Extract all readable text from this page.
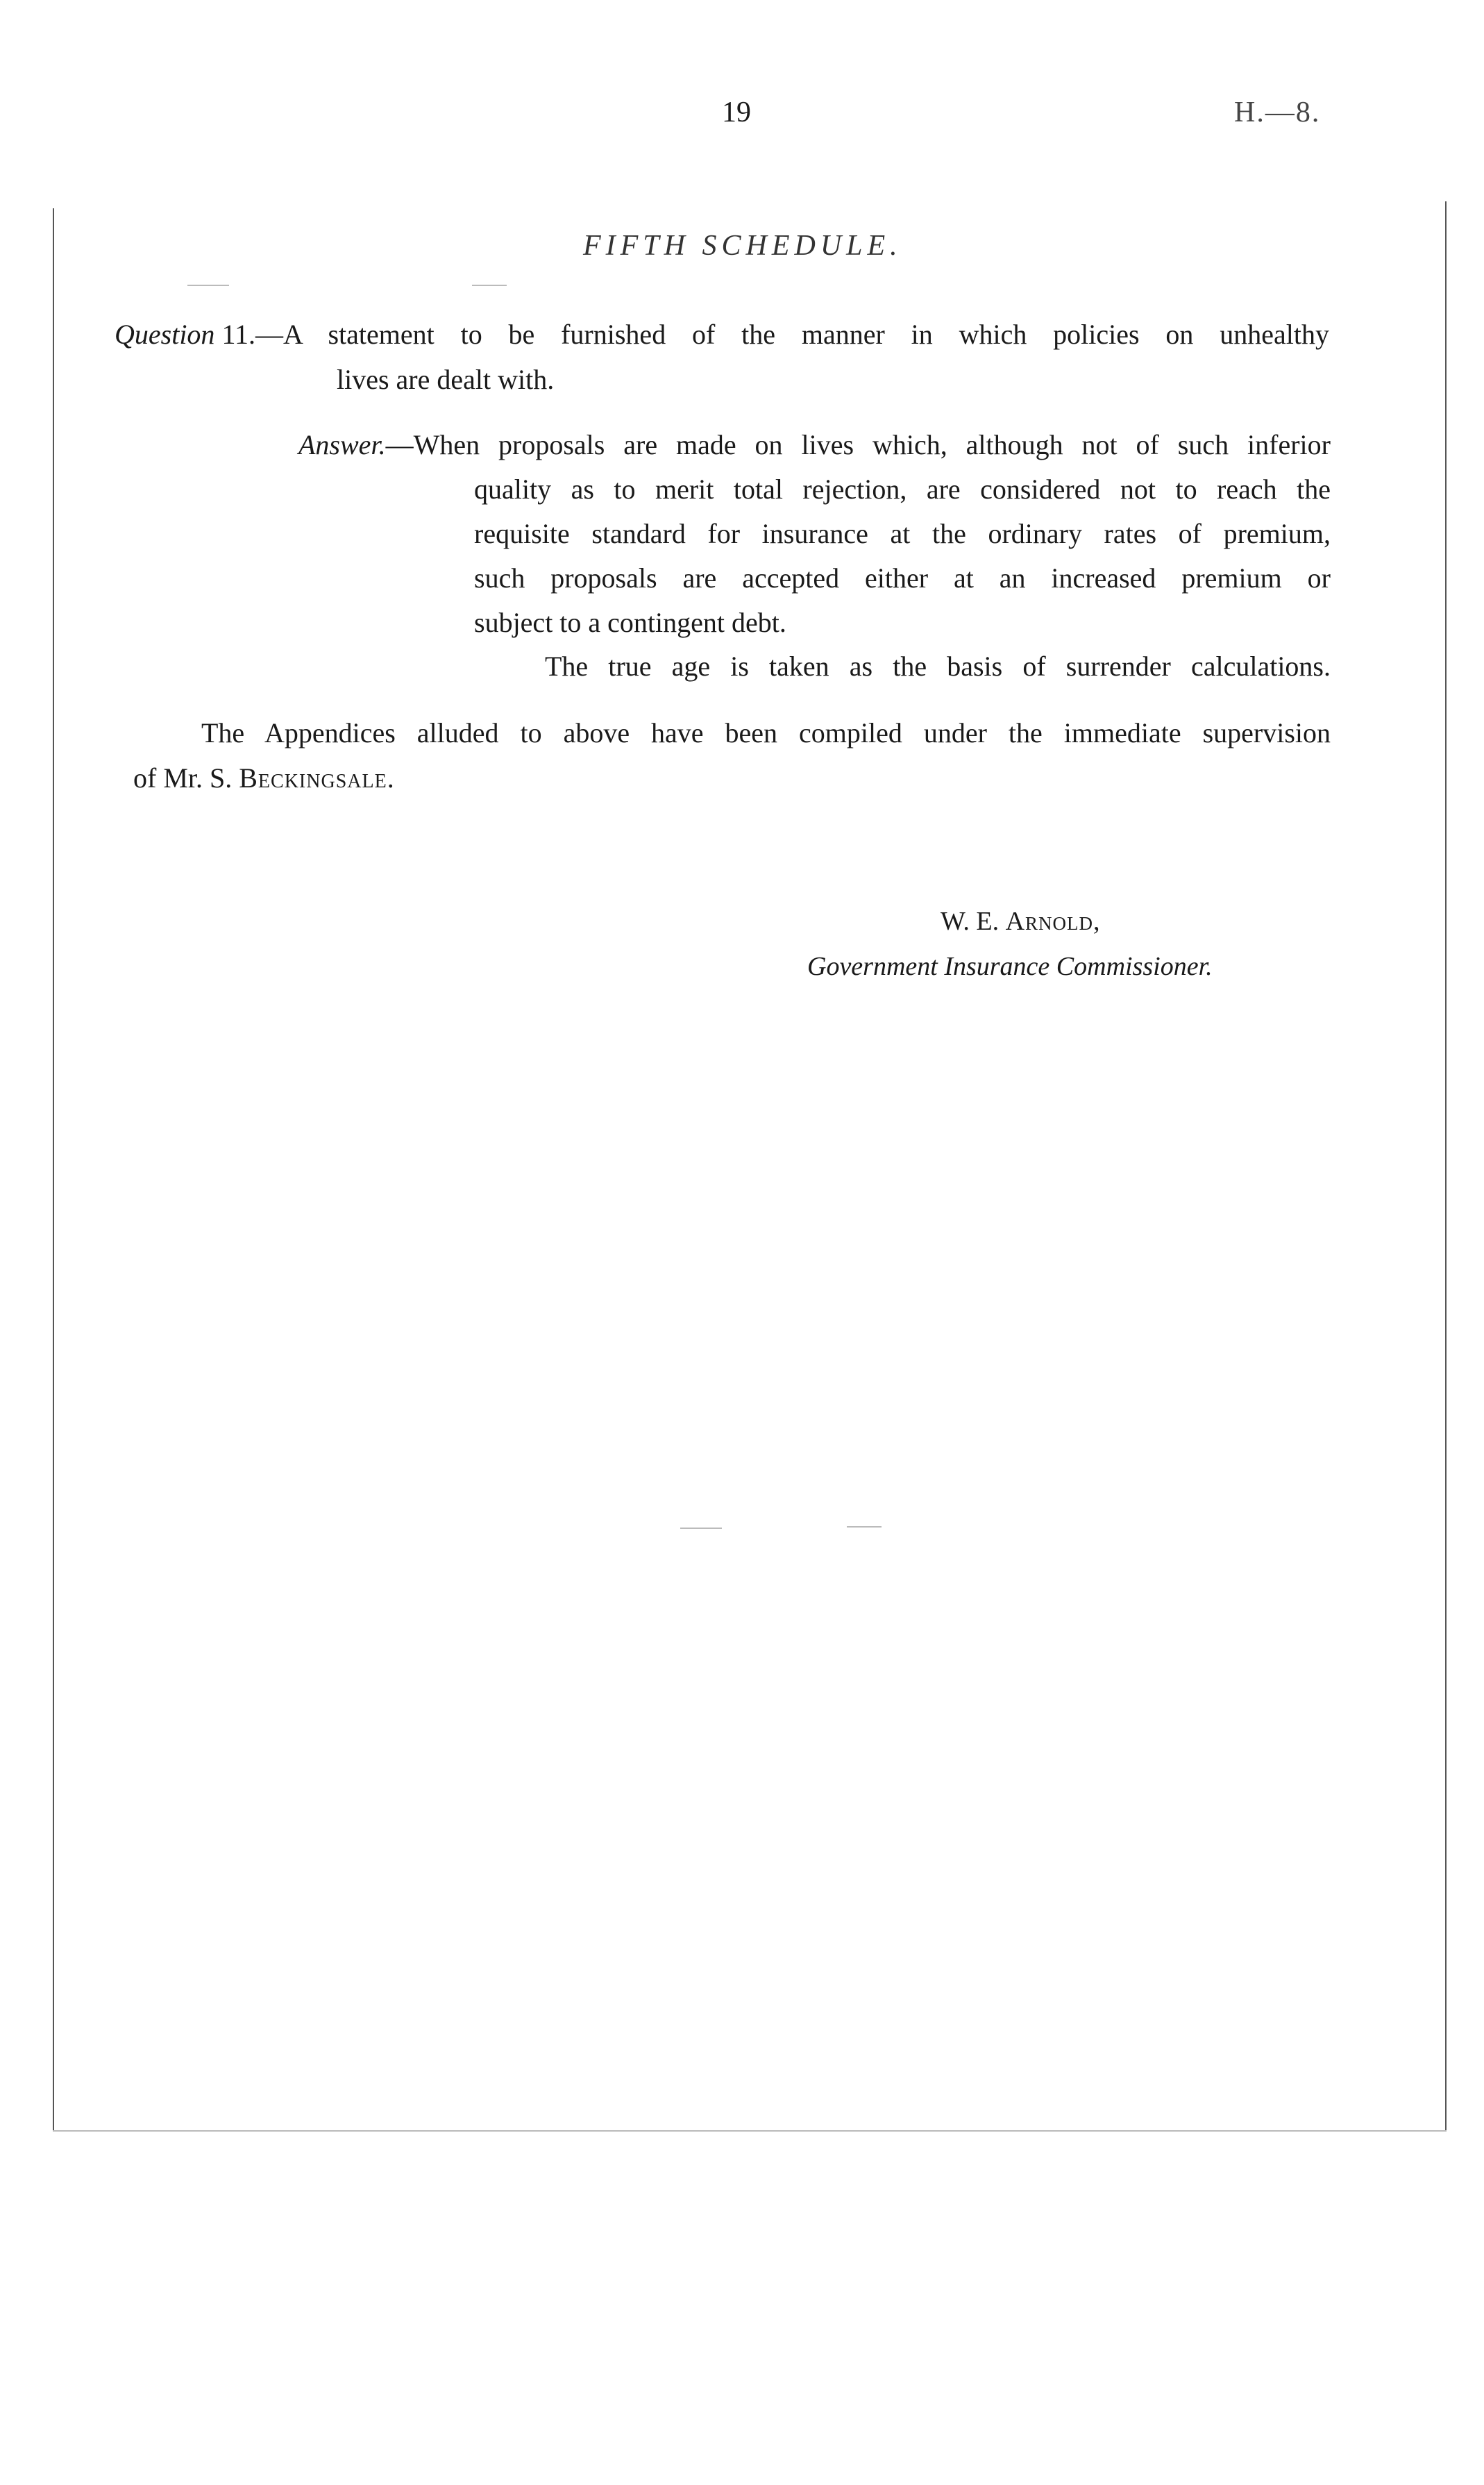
19	H.—8.
FIFTH SCHEDULE.
Question 11.— A statement to be furnished of the manner in which policies on unhealthy
lives are dealt with.
Answer.— When proposals are made on lives which, although not of such inferior
quality as to merit total rejection, are considered not to reach the
requisite standard for insurance at the ordinary rates of premium,
such proposals are accepted either at an increased premium or
subject to a contingent debt.
The true age is taken as the basis of surrender calculations.
The Appendices alluded to above have been compiled under the immediate supervision
of Mr. S. Beckingsale.
W. E. Arnold,
Government Insurance Commissioner.
